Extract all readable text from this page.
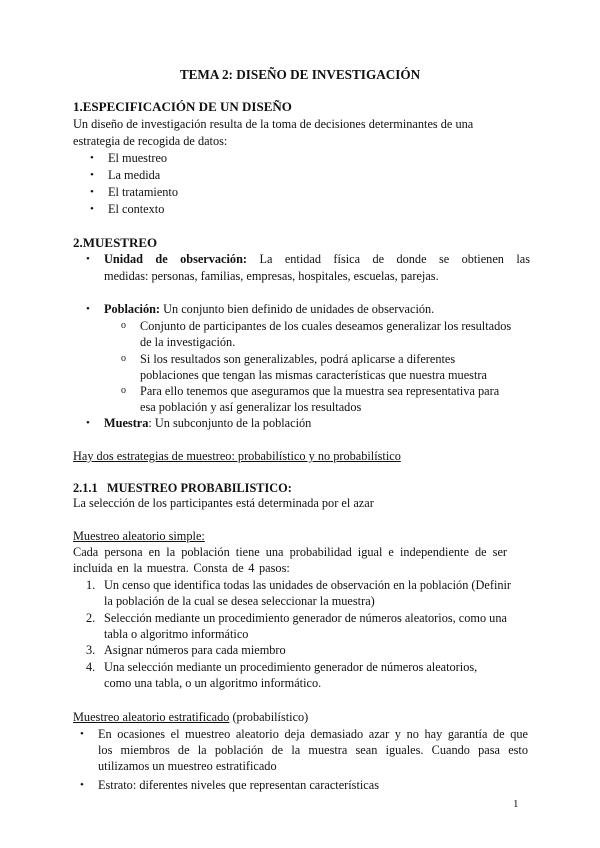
TEMA 2: DISEÑO DE INVESTIGACIÓN
1.ESPECIFICACIÓN DE UN DISEÑO
Un diseño de investigación resulta de la toma de decisiones determinantes de una
estrategia de recogida de datos:
• El muestreo
• La medida
• El tratamiento
• El contexto
2.MUESTREO
• Unidad de observación: La entidad física de donde se obtienen las
medidas: personas, familias, empresas, hospitales, escuelas, parejas.
• Población: Un conjunto bien definido de unidades de observación.
o Conjunto de participantes de los cuales deseamos generalizar los resultados
de la investigación.
o Si los resultados son generalizables, podrá aplicarse a diferentes
poblaciones que tengan las mismas características que nuestra muestra
o Para ello tenemos que aseguramos que la muestra sea representativa para
esa población y así generalizar los resultados
• Muestra: Un subconjunto de la población
Hay dos estrategias de muestreo: probabilístico y no probabilístico
2.1.1 MUESTREO PROBABILISTICO:
La selección de los participantes está determinada por el azar
Muestreo aleatorio simple:
Cada persona en la población tiene una probabilidad igual e independiente de ser
incluida en la muestra. Consta de 4 pasos:
1. Un censo que identifica todas las unidades de observación en la población (Definir
la población de la cual se desea seleccionar la muestra)
2. Selección mediante un procedimiento generador de números aleatorios, como una
tabla o algoritmo informático
3. Asignar números para cada miembro
4. Una selección mediante un procedimiento generador de números aleatorios,
como una tabla, o un algoritmo informático.
Muestreo aleatorio estratificado (probabilístico)
• En ocasiones el muestreo aleatorio deja demasiado azar y no hay garantía de que
los miembros de la población de la muestra sean iguales. Cuando pasa esto
utilizamos un muestreo estratificado
• Estrato: diferentes niveles que representan características
1
